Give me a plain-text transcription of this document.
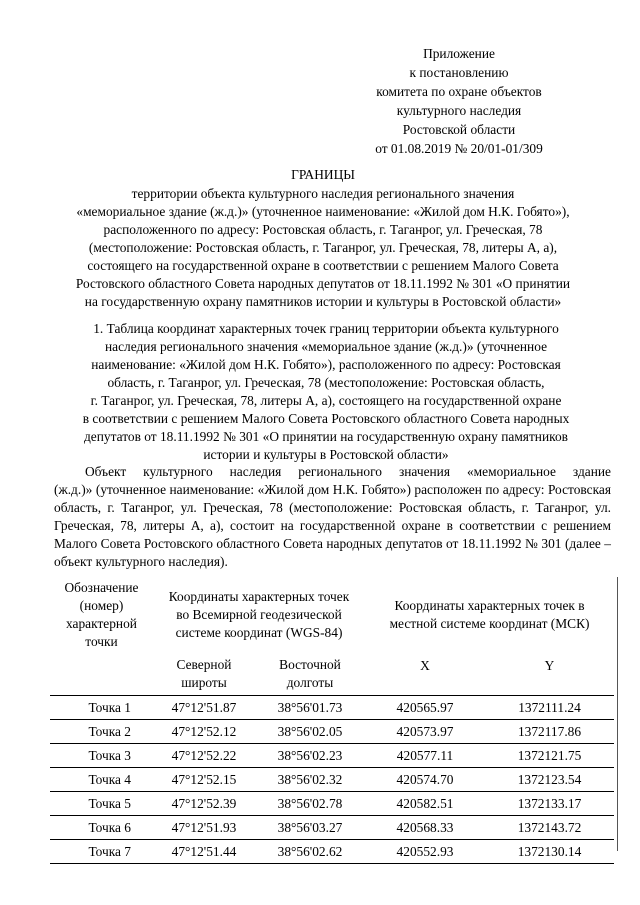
Приложение
к постановлению
комитета по охране объектов
культурного наследия
Ростовской области
от 01.08.2019 № 20/01-01/309
ГРАНИЦЫ
территории объекта культурного наследия регионального значения
«мемориальное здание (ж.д.)» (уточненное наименование: «Жилой дом Н.К. Гобято»),
расположенного по адресу: Ростовская область, г. Таганрог, ул. Греческая, 78
(местоположение: Ростовская область, г. Таганрог, ул. Греческая, 78, литеры А, а),
состоящего на государственной охране в соответствии с решением Малого Совета
Ростовского областного Совета народных депутатов от 18.11.1992 № 301 «О принятии
на государственную охрану памятников истории и культуры в Ростовской области»
1. Таблица координат характерных точек границ территории объекта культурного
наследия регионального значения «мемориальное здание (ж.д.)» (уточненное
наименование: «Жилой дом Н.К. Гобято»), расположенного по адресу: Ростовская
область, г. Таганрог, ул. Греческая, 78 (местоположение: Ростовская область,
г. Таганрог, ул. Греческая, 78, литеры А, а), состоящего на государственной охране
в соответствии с решением Малого Совета Ростовского областного Совета народных
депутатов от 18.11.1992 № 301 «О принятии на государственную охрану памятников
истории и культуры в Ростовской области»
Объект культурного наследия регионального значения «мемориальное здание
(ж.д.)» (уточненное наименование: «Жилой дом Н.К. Гобято») расположен по адресу: Ростовская область, г. Таганрог, ул. Греческая, 78 (местоположение: Ростовская область, г. Таганрог, ул. Греческая, 78, литеры А, а), состоит на государственной охране в соответствии с решением Малого Совета Ростовского областного Совета народных депутатов от 18.11.1992 № 301 (далее – объект культурного наследия).
Обозначение (номер) характерной точки	Координаты характерных точек во Всемирной геодезической системе координат (WGS-84)		Координаты характерных точек в местной системе координат (МСК)	
	Северной широты	Восточной долготы	X	Y
Точка 1	47°12'51.87	38°56'01.73	420565.97	1372111.24
Точка 2	47°12'52.12	38°56'02.05	420573.97	1372117.86
Точка 3	47°12'52.22	38°56'02.23	420577.11	1372121.75
Точка 4	47°12'52.15	38°56'02.32	420574.70	1372123.54
Точка 5	47°12'52.39	38°56'02.78	420582.51	1372133.17
Точка 6	47°12'51.93	38°56'03.27	420568.33	1372143.72
Точка 7	47°12'51.44	38°56'02.62	420552.93	1372130.14
